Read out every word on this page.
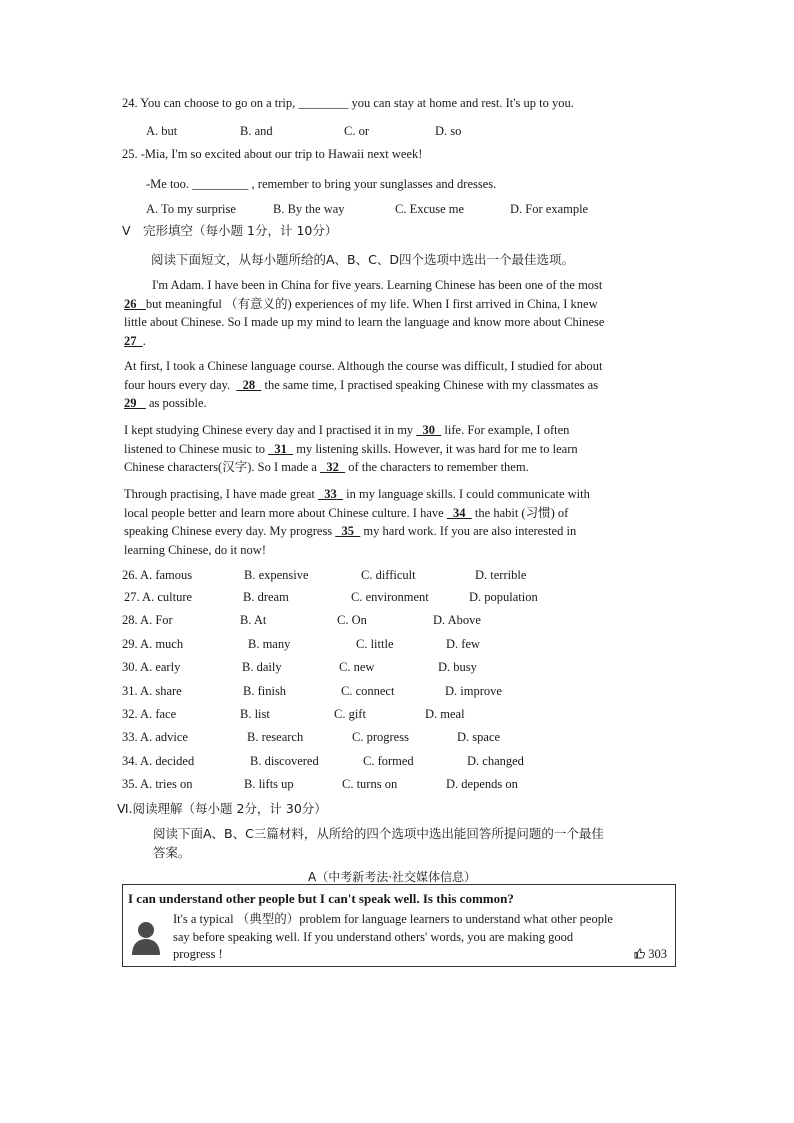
24. You can choose to go on a trip, ________ you can stay at home and rest. It's up to you.
A. but	B. and	C. or	D. so
25. -Mia, I'm so excited about our trip to Hawaii next week!
-Me too. _________ , remember to bring your sunglasses and dresses.
A. To my surprise	B. By the way	C. Excuse me	D. For example
V　完形填空（每小题 1分，计 10分）
阅读下面短文，从每小题所给的A、B、C、D四个选项中选出一个最佳选项。
I'm Adam. I have been in China for five years. Learning Chinese has been one of the most
26 but meaningful （有意义的) experiences of my life. When I first arrived in China, I knew
little about Chinese. So I made up my mind to learn the language and know more about Chinese
27 .
At first, I took a Chinese language course. Although the course was difficult, I studied for about
four hours every day. 28 the same time, I practised speaking Chinese with my classmates as
29 as possible.
I kept studying Chinese every day and I practised it in my 30 life. For example, I often
listened to Chinese music to 31 my listening skills. However, it was hard for me to learn
Chinese characters(汉字). So I made a 32 of the characters to remember them.
Through practising, I have made great 33 in my language skills. I could communicate with
local people better and learn more about Chinese culture. I have 34 the habit (习惯) of
speaking Chinese every day. My progress 35 my hard work. If you are also interested in
learning Chinese, do it now!
26. A. famous	B. expensive	C. difficult	D. terrible
27. A. culture	B. dream	C. environment	D. population
28. A. For	B. At	C. On	D. Above
29. A. much	B. many	C. little	D. few
30. A. early	B. daily	C. new	D. busy
31. A. share	B. finish	C. connect	D. improve
32. A. face	B. list	C. gift	D. meal
33. A. advice	B. research	C. progress	D. space
34. A. decided	B. discovered	C. formed	D. changed
35. A. tries on	B. lifts up	C. turns on	D. depends on
Ⅵ.阅读理解（每小题 2分，计 30分）
阅读下面A、B、C三篇材料，从所给的四个选项中选出能回答所提问题的一个最佳
答案。
A（中考新考法·社交媒体信息）
I can understand other people but I can't speak well. Is this common?
It's a typical （典型的）problem for language learners to understand what other people
say before speaking well. If you understand others' words, you are making good
progress !	303
